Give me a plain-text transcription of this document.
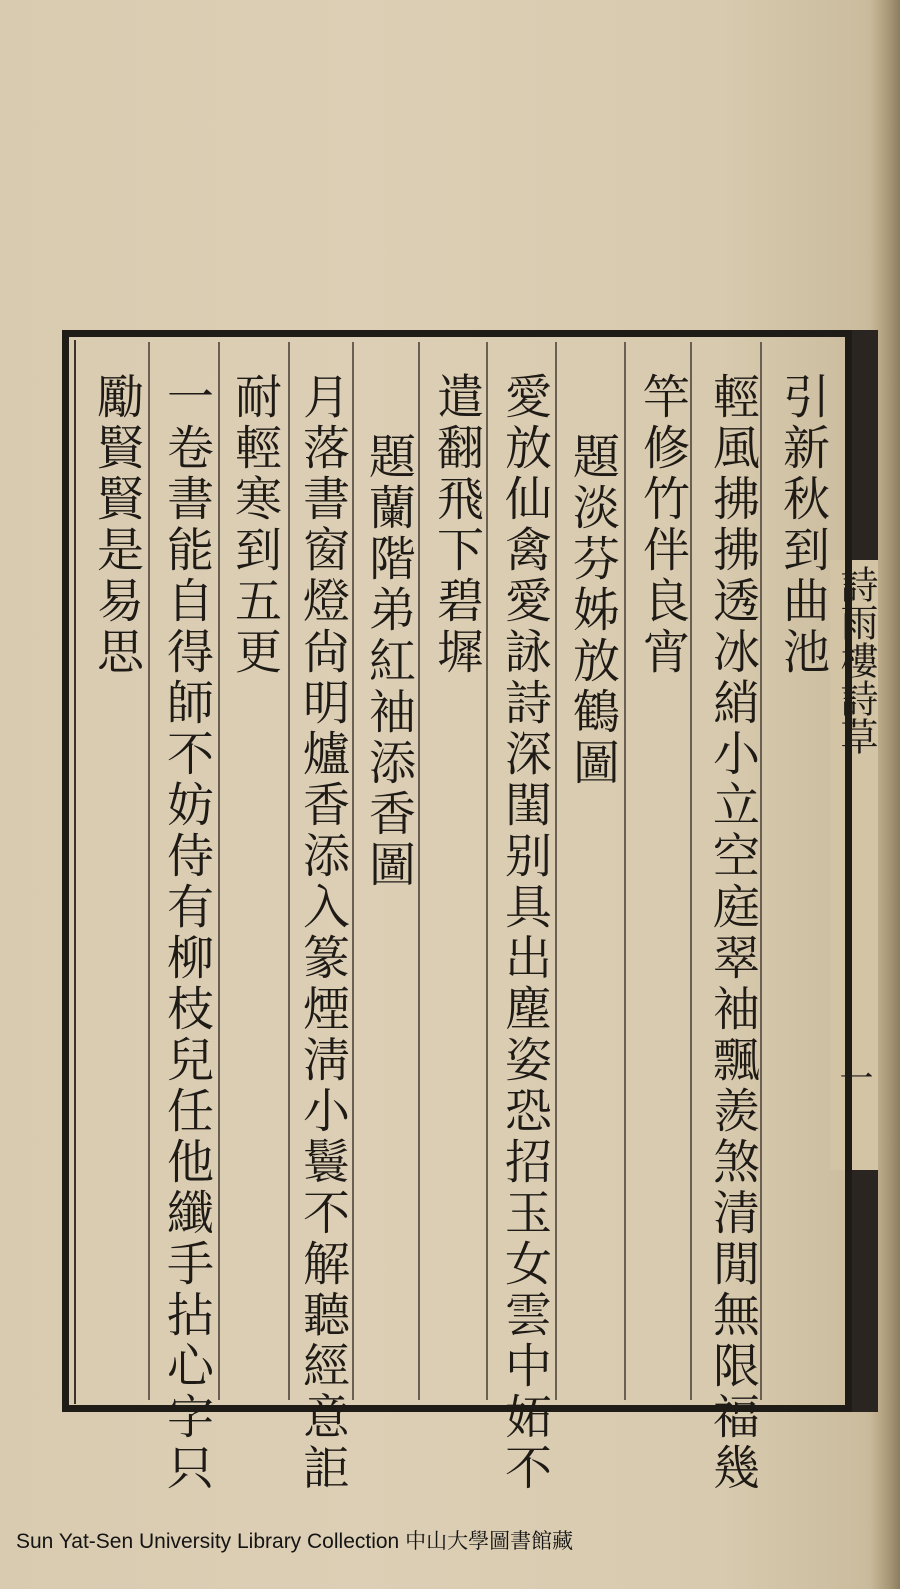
詩雨樓詩草
一
引新秋到曲池
輕風拂拂透冰綃小立空庭翠袖飄羨煞清閒無限福幾
竿修竹伴良宵
題淡芬姊放鶴圖
愛放仙禽愛詠詩深閨别具出塵姿恐招玉女雲中妬不
遣翻飛下碧墀
題蘭階弟紅袖添香圖
月落書窗燈尙明爐香添入篆煙淸小鬟不解聽經意詎
耐輕寒到五更
一卷書能自得師不妨侍有柳枝兒任他纖手拈心字只
勵賢賢是易思
Sun Yat-Sen University Library Collection 中山大學圖書館藏
